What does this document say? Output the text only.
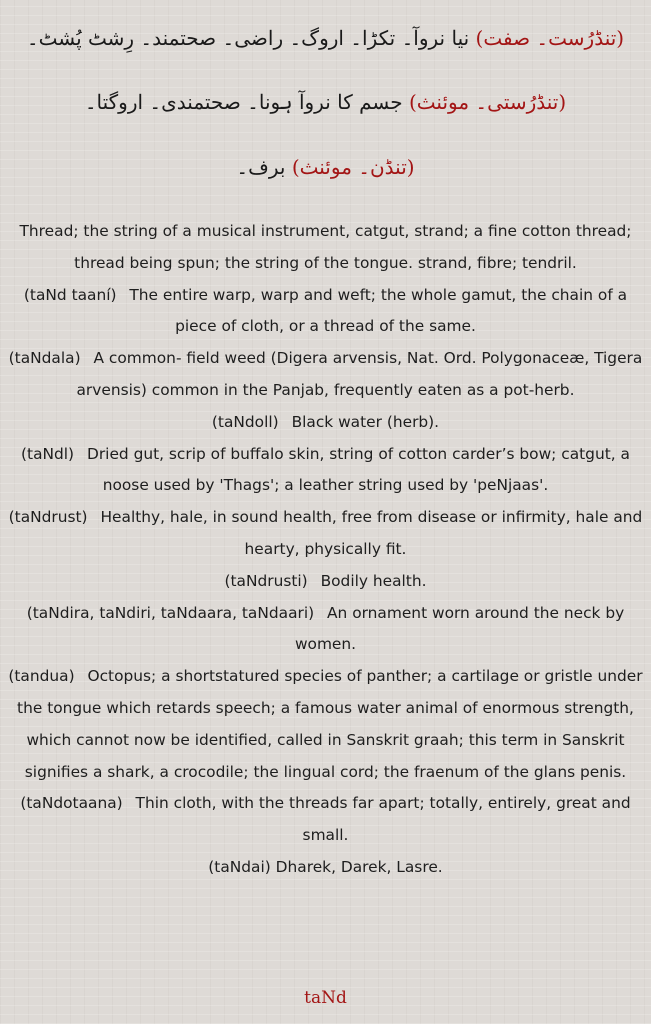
(تنڈرُست۔ صفت) نیا نروآ۔ تکڑا۔ اروگ۔ راضی۔ صحتمند۔ رِشٹ پُشٹ۔
(تنڈرُستی۔ موئنث) جسم کا نروآ ہونا۔ صحتمندی۔ اروگتا۔
(تنڈن۔ موئنث) برف۔

Thread; the string of a musical instrument, catgut, strand; a fine cotton thread; thread being spun; the string of the tongue. strand, fibre; tendril.

(taNd taaní) The entire warp, warp and weft; the whole gamut, the chain of a piece of cloth, or a thread of the same.

(taNdala) A common- field weed (Digera arvensis, Nat. Ord. Polygonaceæ, Tigera arvensis) common in the Panjab, frequently eaten as a pot-herb.

(taNdoll) Black water (herb).

(taNdl) Dried gut, scrip of buffalo skin, string of cotton carder’s bow; catgut, a noose used by 'Thags'; a leather string used by 'peNjaas'.

(taNdrust) Healthy, hale, in sound health, free from disease or infirmity, hale and hearty, physically fit.

(taNdrusti) Bodily health.

(taNdira, taNdiri, taNdaara, taNdaari) An ornament worn around the neck by women.

(tandua) Octopus; a shortstatured species of panther; a cartilage or gristle under the tongue which retards speech; a famous water animal of enormous strength, which cannot now be identified, called in Sanskrit graah; this term in Sanskrit signifies a shark, a crocodile; the lingual cord; the fraenum of the glans penis.

(taNdotaana) Thin cloth, with the threads far apart; totally, entirely, great and small.

(taNdai) Dharek, Darek, Lasre.

taNd
